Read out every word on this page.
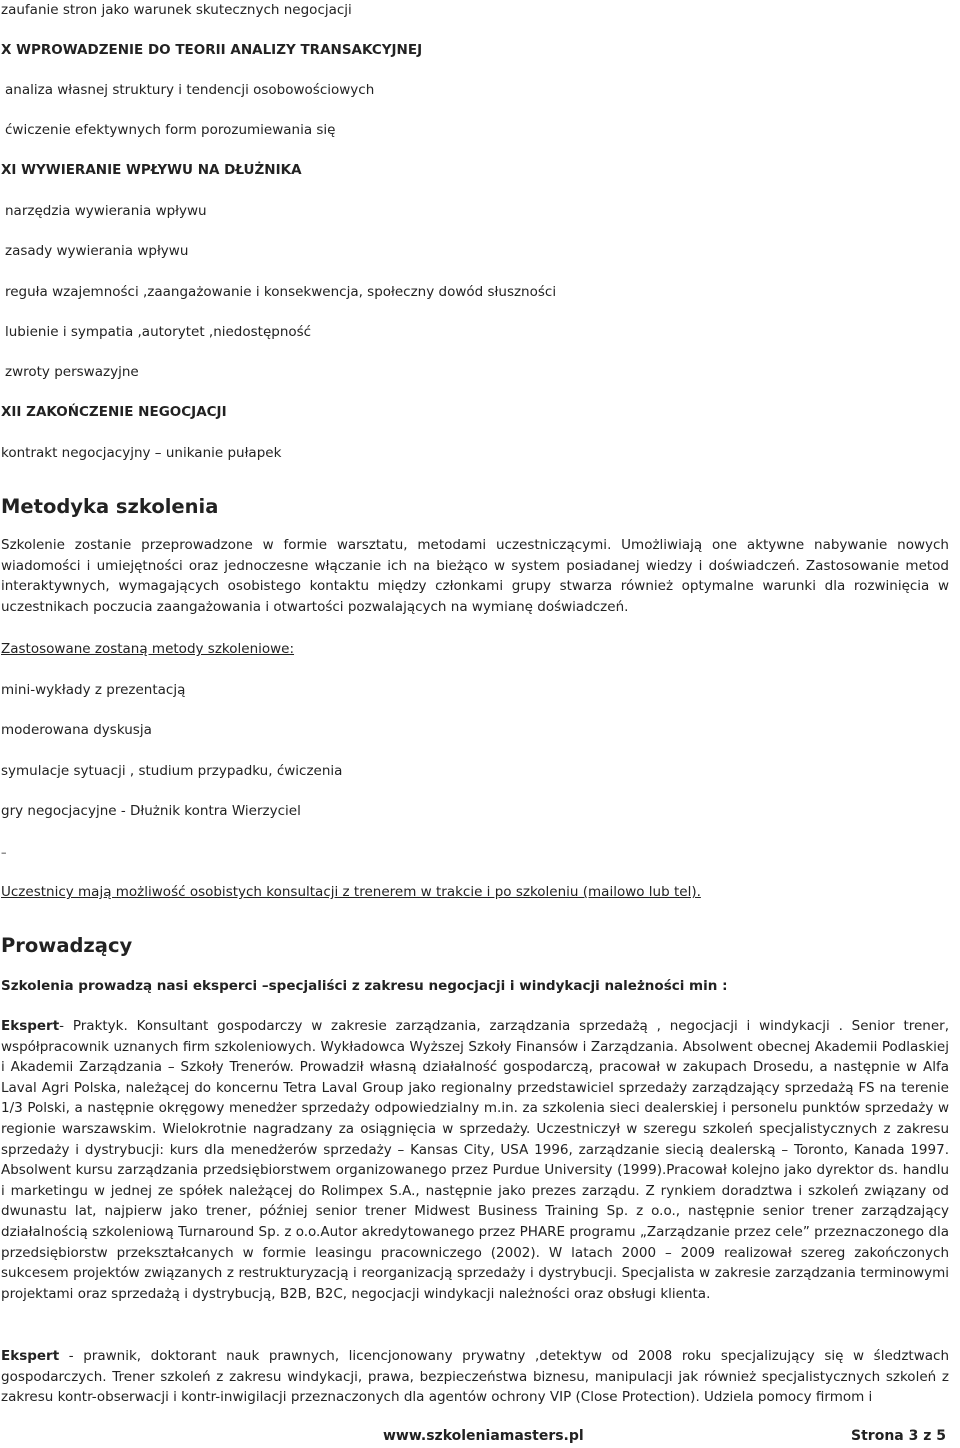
zaufanie stron jako warunek skutecznych negocjacji
X WPROWADZENIE DO TEORII ANALIZY TRANSAKCYJNEJ
analiza własnej struktury i tendencji osobowościowych
ćwiczenie efektywnych form porozumiewania się
XI WYWIERANIE WPŁYWU NA DŁUŻNIKA
narzędzia wywierania wpływu
zasady wywierania wpływu
reguła wzajemności ,zaangażowanie i konsekwencja, społeczny dowód słuszności
lubienie i sympatia ,autorytet ,niedostępność
zwroty perswazyjne
XII ZAKOŃCZENIE NEGOCJACJI
kontrakt negocjacyjny – unikanie pułapek
Metodyka szkolenia

Szkolenie zostanie przeprowadzone w formie warsztatu, metodami uczestniczącymi. Umożliwiają one aktywne nabywanie nowych wiadomości i umiejętności oraz jednoczesne włączanie ich na bieżąco w system posiadanej wiedzy i doświadczeń. Zastosowanie metod interaktywnych, wymagających osobistego kontaktu między członkami grupy stwarza również optymalne warunki dla rozwinięcia w uczestnikach poczucia zaangażowania i otwartości pozwalających na wymianę doświadczeń.

Zastosowane zostaną metody szkoleniowe:
mini-wykłady z prezentacją
moderowana dyskusja
symulacje sytuacji , studium przypadku, ćwiczenia
gry negocjacyjne - Dłużnik kontra Wierzyciel
–
Uczestnicy mają możliwość osobistych konsultacji z trenerem w trakcie i po szkoleniu (mailowo lub tel).
Prowadzący
Szkolenia prowadzą nasi eksperci –specjaliści z zakresu negocjacji i windykacji należności min :

Ekspert- Praktyk. Konsultant gospodarczy w zakresie zarządzania, zarządzania sprzedażą , negocjacji i windykacji . Senior trener, współpracownik uznanych firm szkoleniowych. Wykładowca Wyższej Szkoły Finansów i Zarządzania. Absolwent obecnej Akademii Podlaskiej i Akademii Zarządzania – Szkoły Trenerów. Prowadził własną działalność gospodarczą, pracował w zakupach Drosedu, a następnie w Alfa Laval Agri Polska, należącej do koncernu Tetra Laval Group jako regionalny przedstawiciel sprzedaży zarządzający sprzedażą FS na terenie 1/3 Polski, a następnie okręgowy menedżer sprzedaży odpowiedzialny m.in. za szkolenia sieci dealerskiej i personelu punktów sprzedaży w regionie warszawskim. Wielokrotnie nagradzany za osiągnięcia w sprzedaży. Uczestniczył w szeregu szkoleń specjalistycznych z zakresu sprzedaży i dystrybucji: kurs dla menedżerów sprzedaży – Kansas City, USA 1996, zarządzanie siecią dealerską – Toronto, Kanada 1997. Absolwent kursu zarządzania przedsiębiorstwem organizowanego przez Purdue University (1999).Pracował kolejno jako dyrektor ds. handlu i marketingu w jednej ze spółek należącej do Rolimpex S.A., następnie jako prezes zarządu. Z rynkiem doradztwa i szkoleń związany od dwunastu lat, najpierw jako trener, później senior trener Midwest Business Training Sp. z o.o., następnie senior trener zarządzający działalnością szkoleniową Turnaround Sp. z o.o.Autor akredytowanego przez PHARE programu „Zarządzanie przez cele” przeznaczonego dla przedsiębiorstw przekształcanych w formie leasingu pracowniczego (2002). W latach 2000 – 2009 realizował szereg zakończonych sukcesem projektów związanych z restrukturyzacją i reorganizacją sprzedaży i dystrybucji. Specjalista w zakresie zarządzania terminowymi projektami oraz sprzedażą i dystrybucją, B2B, B2C, negocjacji windykacji należności oraz obsługi klienta.

Ekspert - prawnik, doktorant nauk prawnych, licencjonowany prywatny ,detektyw od 2008 roku specjalizujący się w śledztwach gospodarczych. Trener szkoleń z zakresu windykacji, prawa, bezpieczeństwa biznesu, manipulacji jak również specjalistycznych szkoleń z zakresu kontr-obserwacji i kontr-inwigilacji przeznaczonych dla agentów ochrony VIP (Close Protection). Udziela pomocy firmom i

www.szkoleniamasters.pl	Strona 3 z 5
